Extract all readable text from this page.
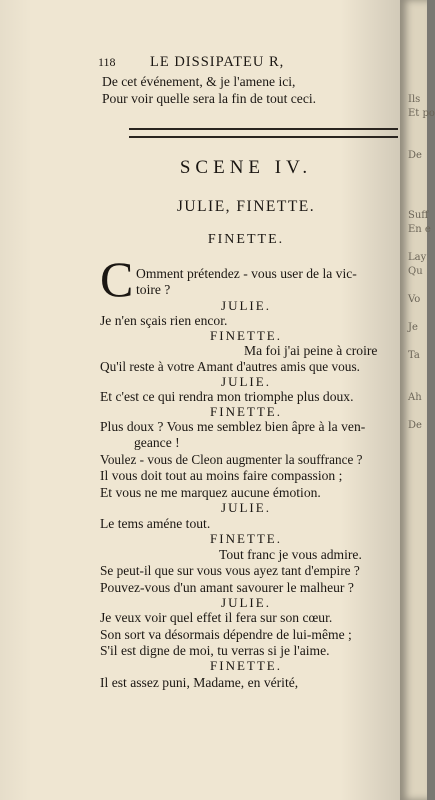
Ils
Et po
De
Suff
En e
Lay
Qu
Vo
Je
Ta
Ah
De
118 LE DISSIPATEU R,
De cet événement, & je l'amene ici,
Pour voir quelle sera la fin de tout ceci.
SCENE IV.
JULIE, FINETTE.
FINETTE.
C Omment prétendez - vous user de la vic-
toire ?
JULIE.
Je n'en sçais rien encor.
FINETTE.
Ma foi j'ai peine à croire
Qu'il reste à votre Amant d'autres amis que vous.
JULIE.
Et c'est ce qui rendra mon triomphe plus doux.
FINETTE.
Plus doux ? Vous me semblez bien âpre à la ven-
geance !
Voulez - vous de Cleon augmenter la souffrance ?
Il vous doit tout au moins faire compassion ;
Et vous ne me marquez aucune émotion.
JULIE.
Le tems améne tout.
FINETTE.
Tout franc je vous admire.
Se peut-il que sur vous vous ayez tant d'empire ?
Pouvez-vous d'un amant savourer le malheur ?
JULIE.
Je veux voir quel effet il fera sur son cœur.
Son sort va désormais dépendre de lui-même ;
S'il est digne de moi, tu verras si je l'aime.
FINETTE.
Il est assez puni, Madame, en vérité,
